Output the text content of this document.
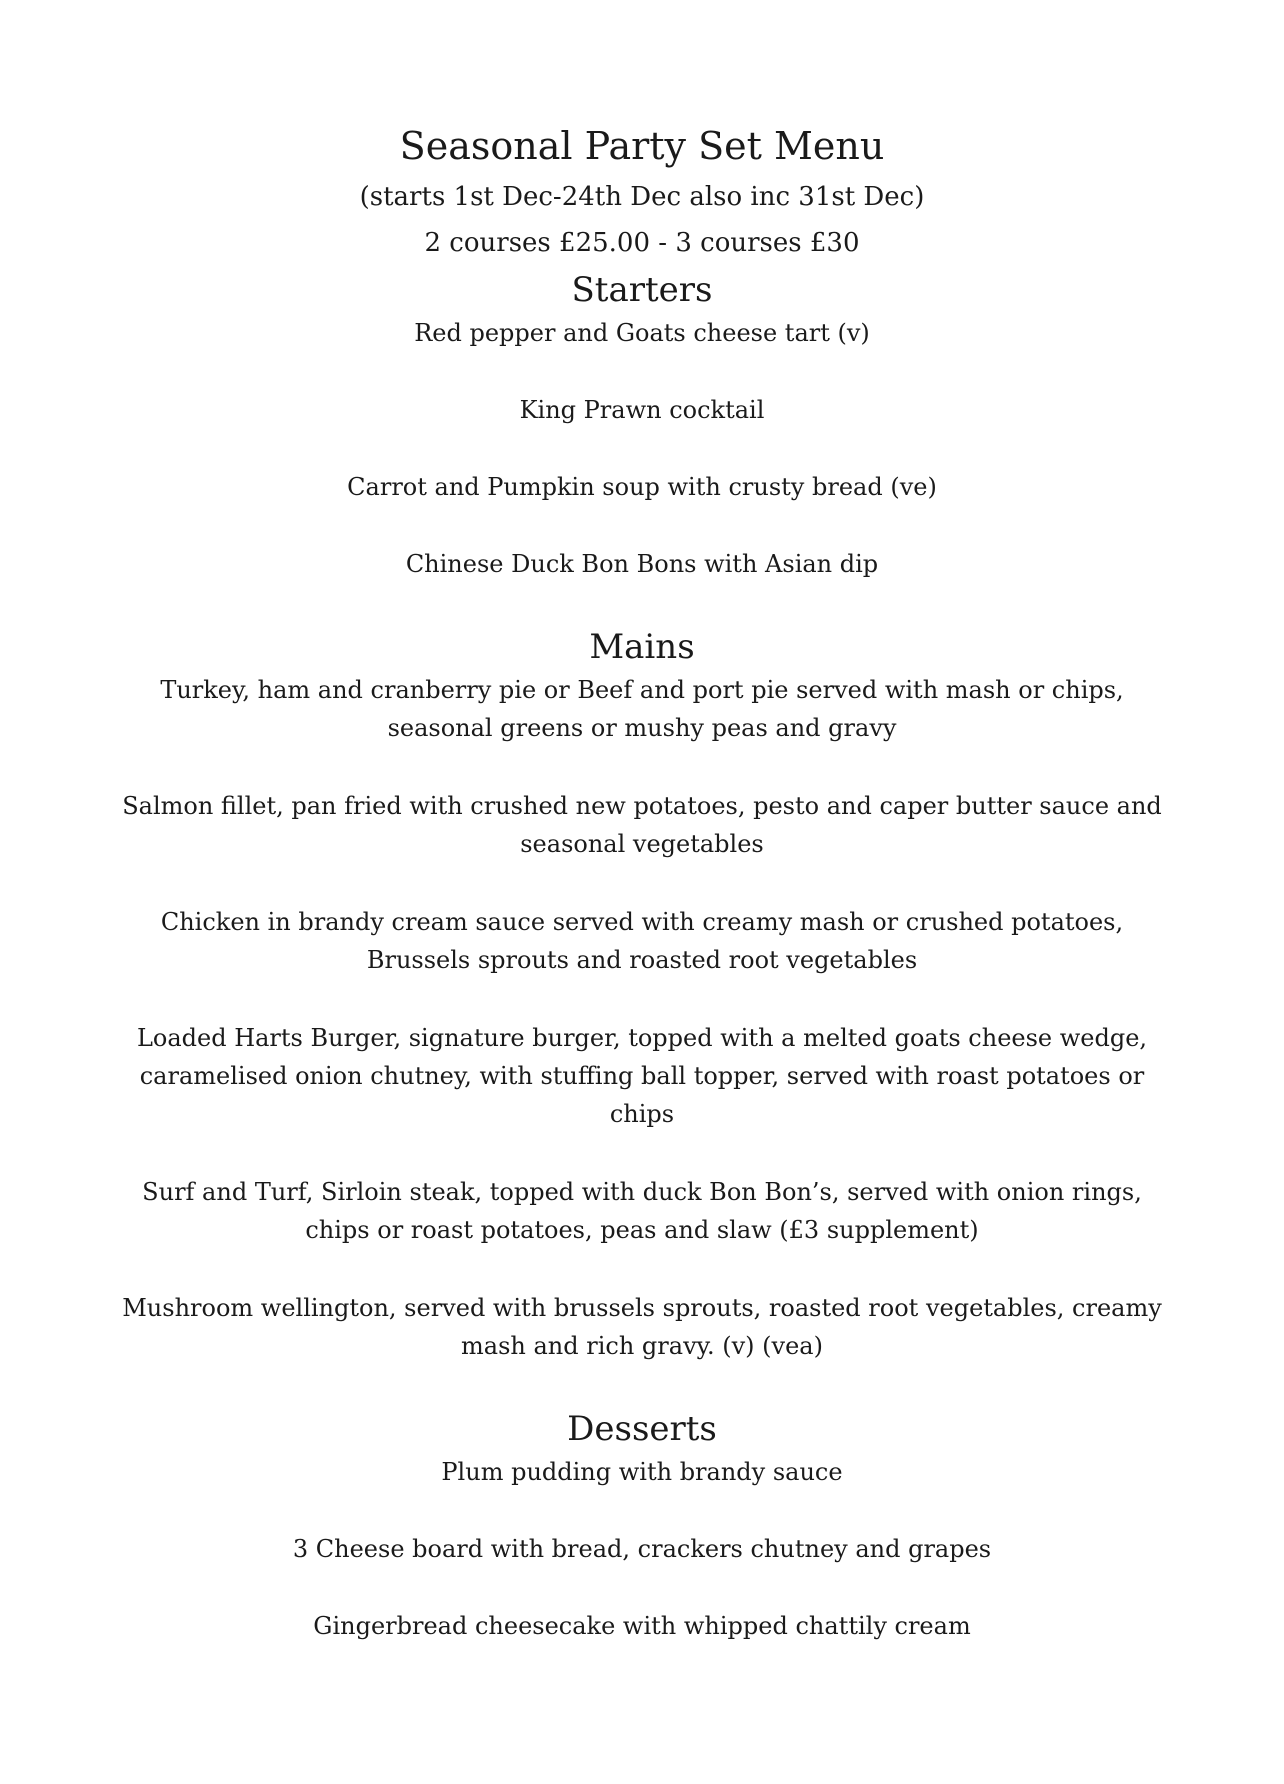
Seasonal Party Set Menu

(starts 1st Dec-24th Dec also inc 31st Dec)

2 courses £25.00 - 3 courses £30

Starters

Red pepper and Goats cheese tart (v)

King Prawn cocktail

Carrot and Pumpkin soup with crusty bread (ve)

Chinese Duck Bon Bons with Asian dip

Mains

Turkey, ham and cranberry pie or Beef and port pie served with mash or chips, seasonal greens or mushy peas and gravy

Salmon fillet, pan fried with crushed new potatoes, pesto and caper butter sauce and seasonal vegetables

Chicken in brandy cream sauce served with creamy mash or crushed potatoes, Brussels sprouts and roasted root vegetables

Loaded Harts Burger, signature burger, topped with a melted goats cheese wedge, caramelised onion chutney, with stuffing ball topper, served with roast potatoes or chips

Surf and Turf, Sirloin steak, topped with duck Bon Bon’s, served with onion rings, chips or roast potatoes, peas and slaw (£3 supplement)

Mushroom wellington, served with brussels sprouts, roasted root vegetables, creamy mash and rich gravy. (v) (vea)

Desserts

Plum pudding with brandy sauce

3 Cheese board with bread, crackers chutney and grapes

Gingerbread cheesecake with whipped chattily cream
